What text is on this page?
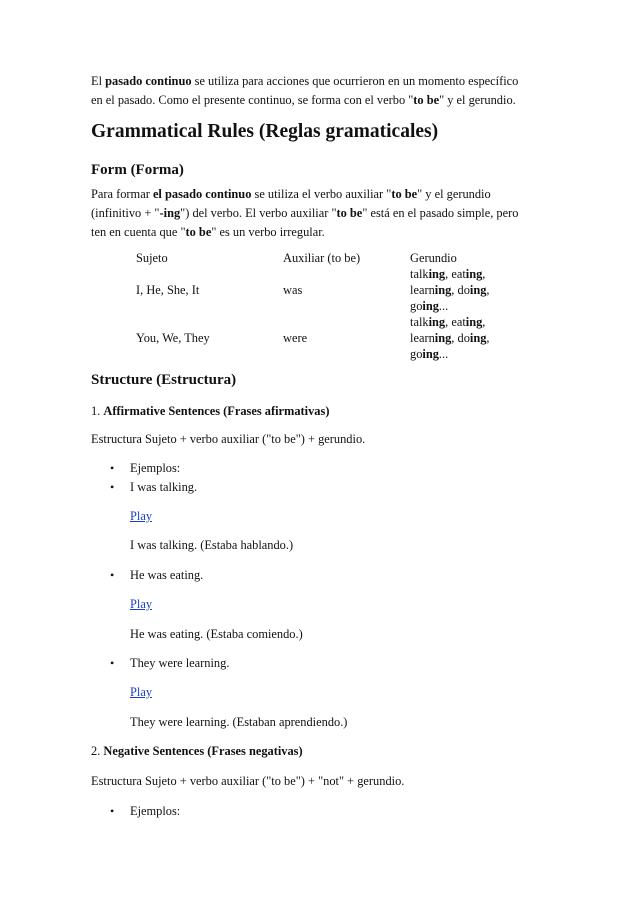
El pasado continuo se utiliza para acciones que ocurrieron en un momento específico
en el pasado. Como el presente continuo, se forma con el verbo "to be" y el gerundio.
Grammatical Rules (Reglas gramaticales)
Form (Forma)
Para formar el pasado continuo se utiliza el verbo auxiliar "to be" y el gerundio
(infinitivo + "-ing") del verbo. El verbo auxiliar "to be" está en el pasado simple, pero
ten en cuenta que "to be" es un verbo irregular.
Sujeto	Auxiliar (to be)	Gerundio
I, He, She, It	was	talking, eating,
learning, doing,
going...

You, We, They	were	talking, eating,
learning, doing,
going...
Structure (Estructura)
1. Affirmative Sentences (Frases afirmativas)
Estructura Sujeto + verbo auxiliar ("to be") + gerundio.
• Ejemplos:
• I was talking.
Play
I was talking. (Estaba hablando.)
• He was eating.
Play
He was eating. (Estaba comiendo.)
• They were learning.
Play
They were learning. (Estaban aprendiendo.)
2. Negative Sentences (Frases negativas)
Estructura Sujeto + verbo auxiliar ("to be") + "not" + gerundio.
• Ejemplos:
